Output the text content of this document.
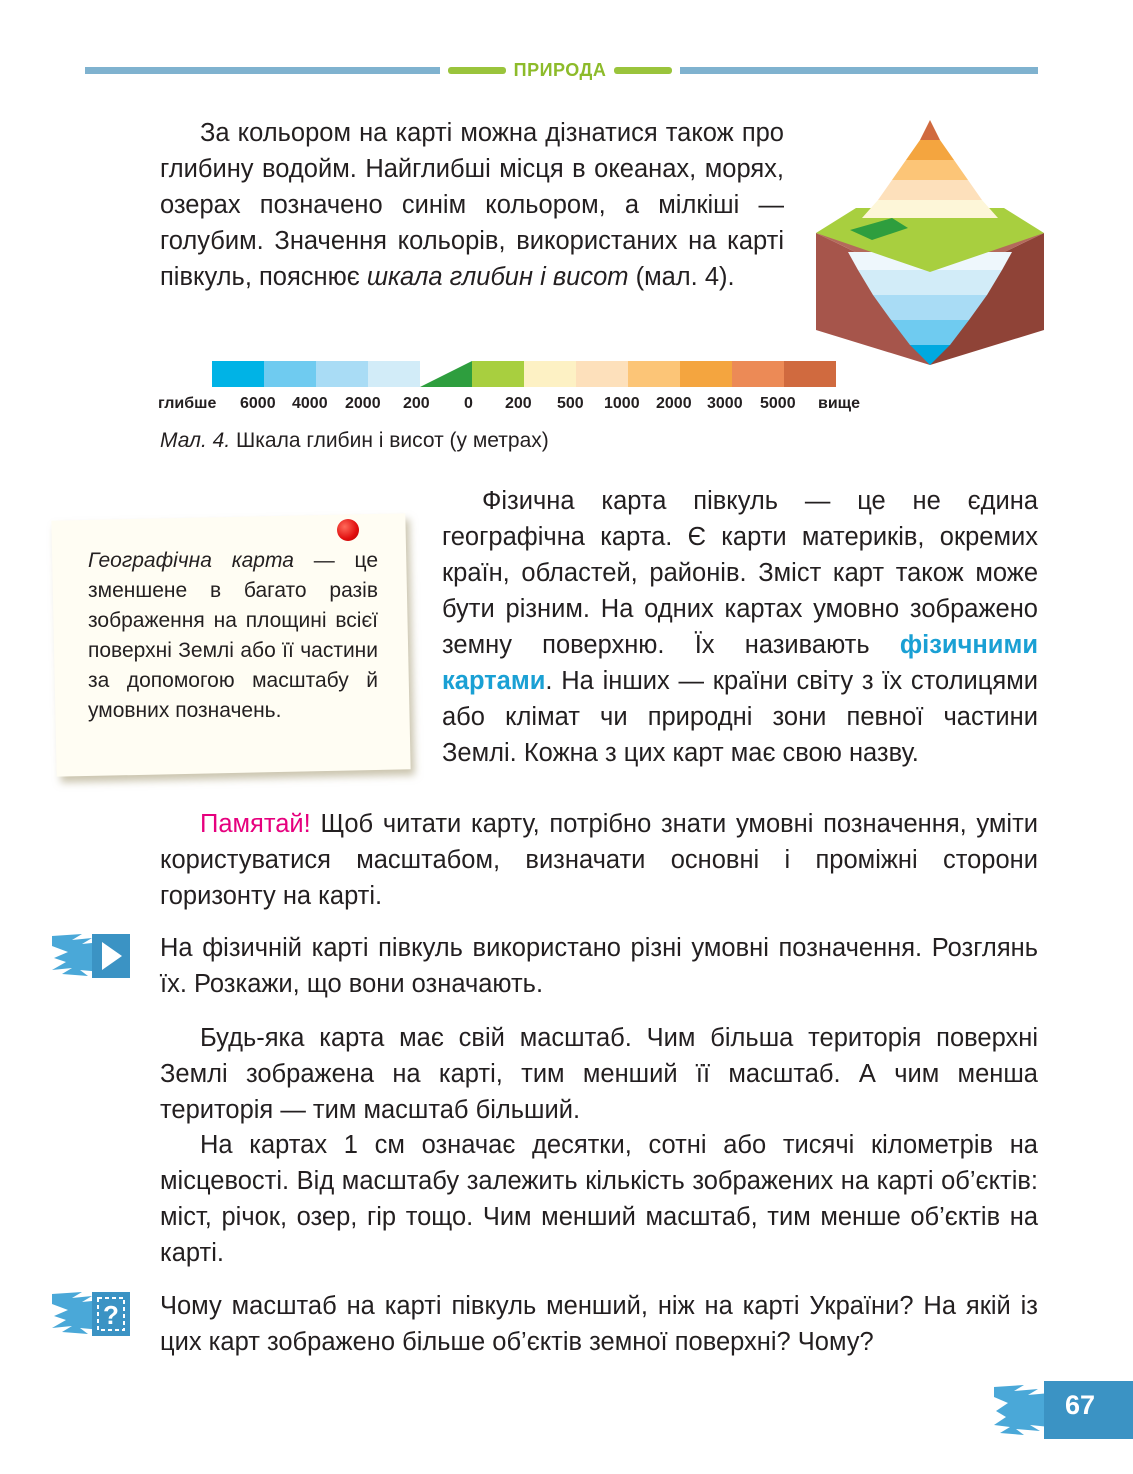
ПРИРОДА
За кольором на карті можна дізнатися також про глибину водойм. Найглибші місця в океанах, морях, озерах позначено синім кольором, а мілкіші — голубим. Значення кольорів, використаних на карті півкуль, пояснює шкала глибин і висот (мал. 4).
глибше 6000 4000 2000 200 0 200 500 1000 2000 3000 5000 вище
Мал. 4. Шкала глибин і висот (у метрах)
Географічна карта — це зменшене в багато разів зображення на площині всієї поверхні Землі або її частини за допомогою масштабу й умовних позначень.
Фізична карта півкуль — це не єдина географічна карта. Є карти материків, окремих країн, областей, районів. Зміст карт також може бути різним. На одних картах умовно зображено земну поверхню. Їх називають фізичними картами. На інших — країни світу з їх столицями або клімат чи природні зони певної частини Землі. Кожна з цих карт має свою назву.
Памятай! Щоб читати карту, потрібно знати умовні позначення, уміти користуватися масштабом, визначати основні і проміжні сторони горизонту на карті.
На фізичній карті півкуль використано різні умовні позначення. Розглянь їх. Розкажи, що вони означають.
Будь-яка карта має свій масштаб. Чим більша територія поверхні Землі зображена на карті, тим менший її масштаб. А чим менша територія — тим масштаб більший.
На картах 1 см означає десятки, сотні або тисячі кілометрів на місцевості. Від масштабу залежить кількість зображених на карті об’єктів: міст, річок, озер, гір тощо. Чим менший масштаб, тим менше об’єктів на карті.
? Чому масштаб на карті півкуль менший, ніж на карті України? На якій із цих карт зображено більше об’єктів земної поверхні? Чому?
67
